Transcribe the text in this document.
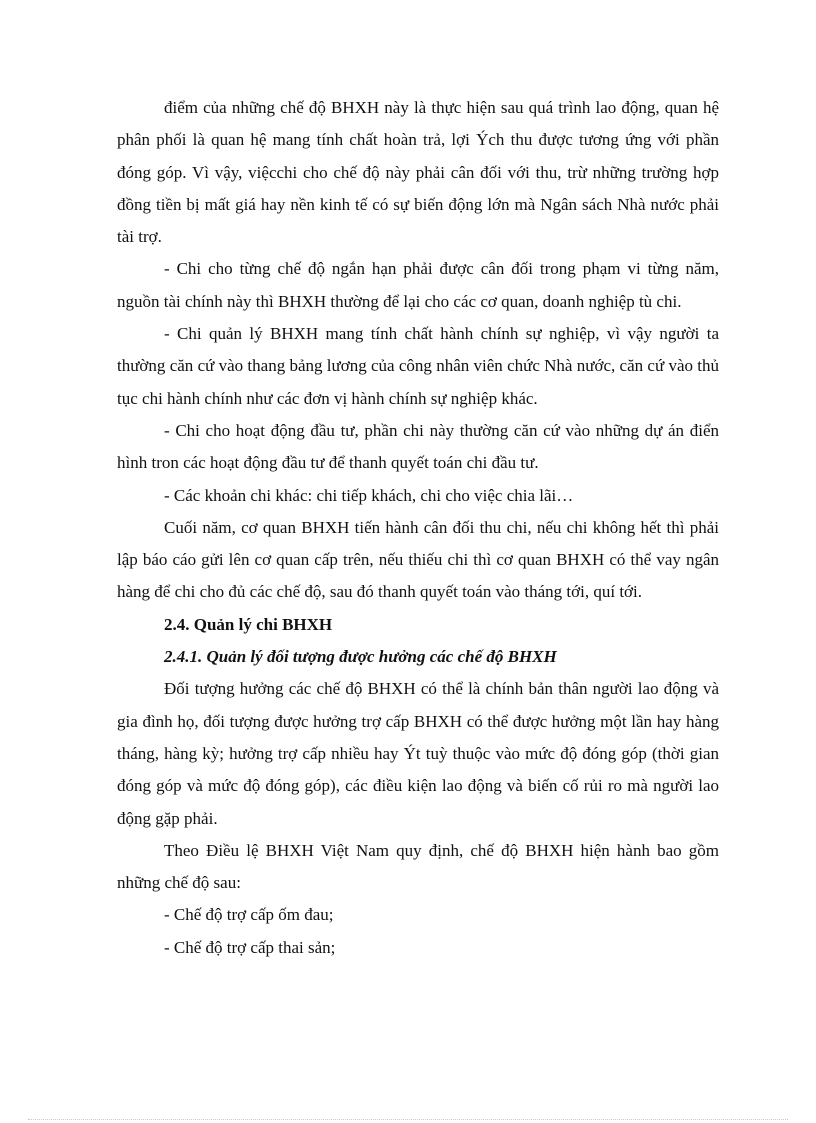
điểm của những chế độ BHXH này là thực hiện sau quá trình lao động, quan hệ phân phối là quan hệ mang tính chất hoàn trả, lợi Ých thu được tương ứng với phần đóng góp. Vì vậy, việcchi cho chế độ này phải cân đối với thu, trừ những trường hợp đồng tiền bị mất giá hay nền kinh tế có sự biến động lớn mà Ngân sách Nhà nước phải tài trợ.

- Chi cho từng chế độ ngắn hạn phải được cân đối trong phạm vi từng năm, nguồn tài chính này thì BHXH thường để lại cho các cơ quan, doanh nghiệp tù chi.

- Chi quản lý BHXH mang tính chất hành chính sự nghiệp, vì vậy người ta thường căn cứ vào thang bảng lương của công nhân viên chức Nhà nước, căn cứ vào thủ tục chi hành chính như các đơn vị hành chính sự nghiệp khác.

- Chi cho hoạt động đầu tư, phần chi này thường căn cứ vào những dự án điển hình tron các hoạt động đầu tư để thanh quyết toán chi đầu tư.

- Các khoản chi khác: chi tiếp khách, chi cho việc chia lãi…

Cuối năm, cơ quan BHXH tiến hành cân đối thu chi, nếu chi không hết thì phải lập báo cáo gửi lên cơ quan cấp trên, nếu thiếu chi thì cơ quan BHXH có thể vay ngân hàng để chi cho đủ các chế độ, sau đó thanh quyết toán vào tháng tới, quí tới.

2.4. Quản lý chi BHXH

2.4.1. Quản lý đối tượng được hưởng các chế độ BHXH

Đối tượng hưởng các chế độ BHXH có thể là chính bản thân người lao động và gia đình họ, đối tượng được hưởng trợ cấp BHXH có thể được hưởng một lần hay hàng tháng, hàng kỳ; hưởng trợ cấp nhiều hay Ýt tuỳ thuộc vào mức độ đóng góp (thời gian đóng góp và mức độ đóng góp), các điều kiện lao động và biến cố rủi ro mà người lao động gặp phải.

Theo Điều lệ BHXH Việt Nam quy định, chế độ BHXH hiện hành bao gồm những chế độ sau:

- Chế độ trợ cấp ốm đau;

- Chế độ trợ cấp thai sản;
